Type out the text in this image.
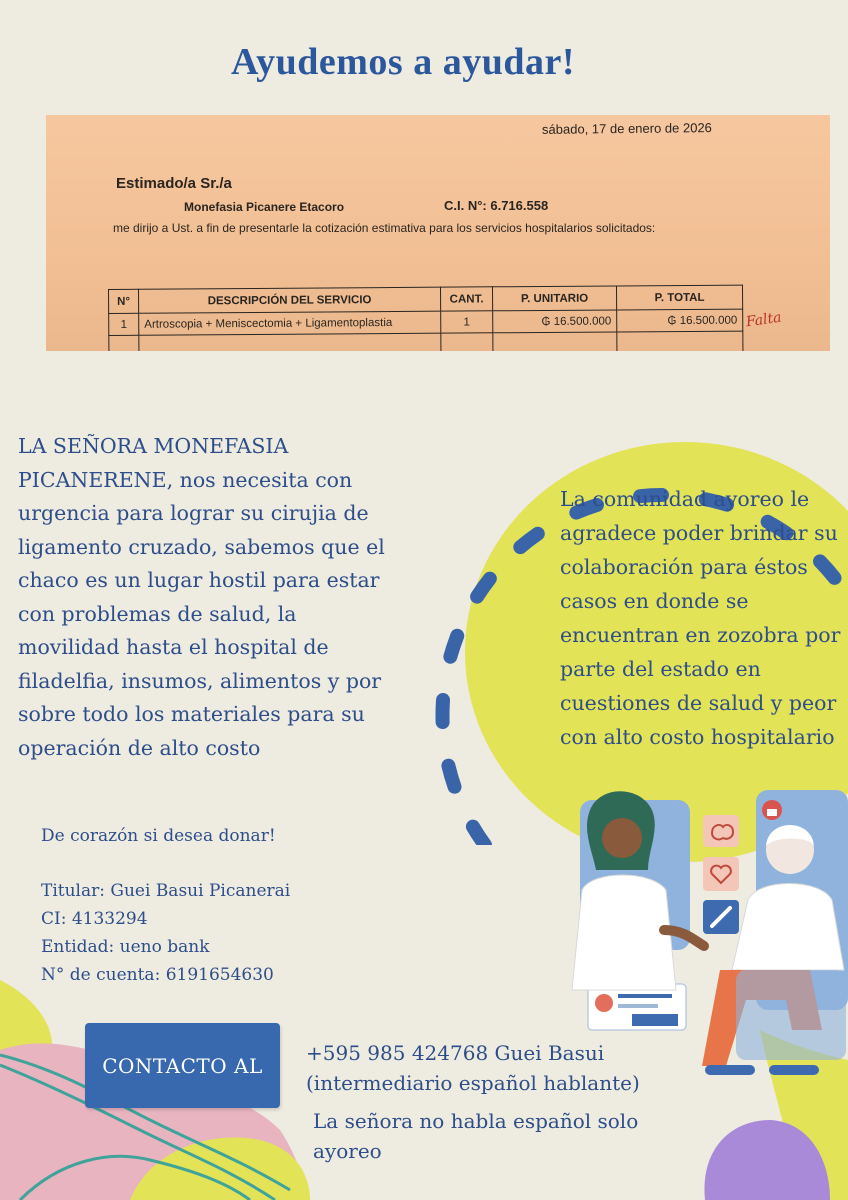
Ayudemos a ayudar!
sábado, 17 de enero de 2026
Estimado/a Sr./a
Monefasia Picanere Etacoro	C.I. N°: 6.716.558
me dirijo a Ust. a fin de presentarle la cotización estimativa para los servicios hospitalarios solicitados:
N°	DESCRIPCIÓN DEL SERVICIO	CANT.	P. UNITARIO	P. TOTAL
1	Artroscopia + Meniscectomia + Ligamentoplastia	1	₲ 16.500.000	₲ 16.500.000
				Falta

LA SEÑORA MONEFASIA PICANERENE, nos necesita con urgencia para lograr su cirujia de ligamento cruzado, sabemos que el chaco es un lugar hostil para estar con problemas de salud, la movilidad hasta el hospital de filadelfia, insumos, alimentos y por sobre todo los materiales para su operación de alto costo

La comunidad ayoreo le agradece poder brindar su colaboración para éstos casos en donde se encuentran en zozobra por parte del estado en cuestiones de salud y peor con alto costo hospitalario

De corazón si desea donar!
Titular: Guei Basui Picanerai
CI: 4133294
Entidad: ueno bank
N° de cuenta: 6191654630
CONTACTO AL
+595 985 424768 Guei Basui
(intermediario español hablante)

La señora no habla español solo ayoreo
